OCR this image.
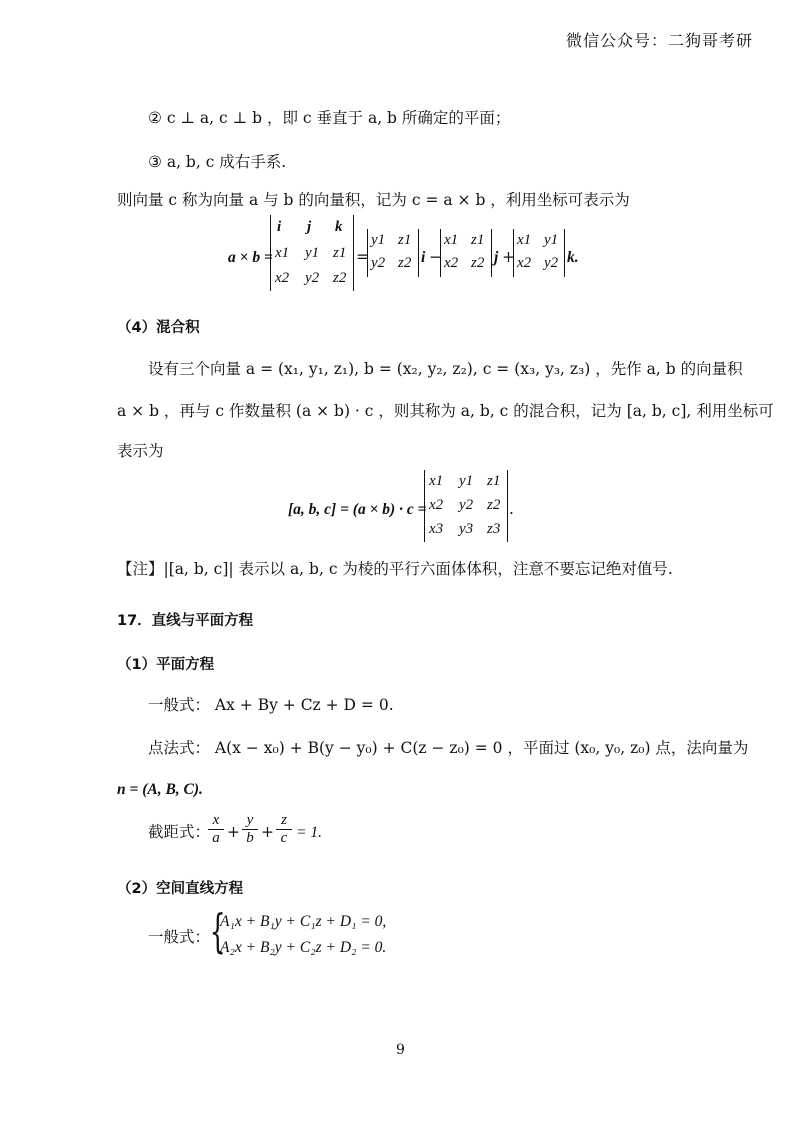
微信公众号：二狗哥考研
② c ⊥ a, c ⊥ b ，即 c 垂直于 a, b 所确定的平面；
③ a, b, c 成右手系.
则向量 c 称为向量 a 与 b 的向量积，记为 c = a × b ，利用坐标可表示为
a × b =
i j k
x1 y1 z1
x2 y2 z2
=
y1 z1
y2 z2 i −
x1 z1
x2 z2 j +
x1 y1
x2 y2 k.
（4）混合积
设有三个向量 a = (x₁, y₁, z₁), b = (x₂, y₂, z₂), c = (x₃, y₃, z₃) ，先作 a, b 的向量积
a × b ，再与 c 作数量积 (a × b) · c ，则其称为 a, b, c 的混合积，记为 [a, b, c], 利用坐标可
表示为
[a, b, c] = (a × b) · c =
x1 y1 z1
x2 y2 z2
x3 y3 z3
.
【注】|[a, b, c]| 表示以 a, b, c 为棱的平行六面体体积，注意不要忘记绝对值号.
17．直线与平面方程
（1）平面方程
一般式： Ax + By + Cz + D = 0.
点法式： A(x − x₀) + B(y − y₀) + C(z − z₀) = 0 ，平面过 (x₀, y₀, z₀) 点，法向量为
n = (A, B, C).
截距式：
$\frac{x}{a} + \frac{y}{b} + \frac{z}{c} = 1$.
（2）空间直线方程
一般式： {
A₁x + B₁y + C₁z + D₁ = 0,
A₂x + B₂y + C₂z + D₂ = 0.
9
